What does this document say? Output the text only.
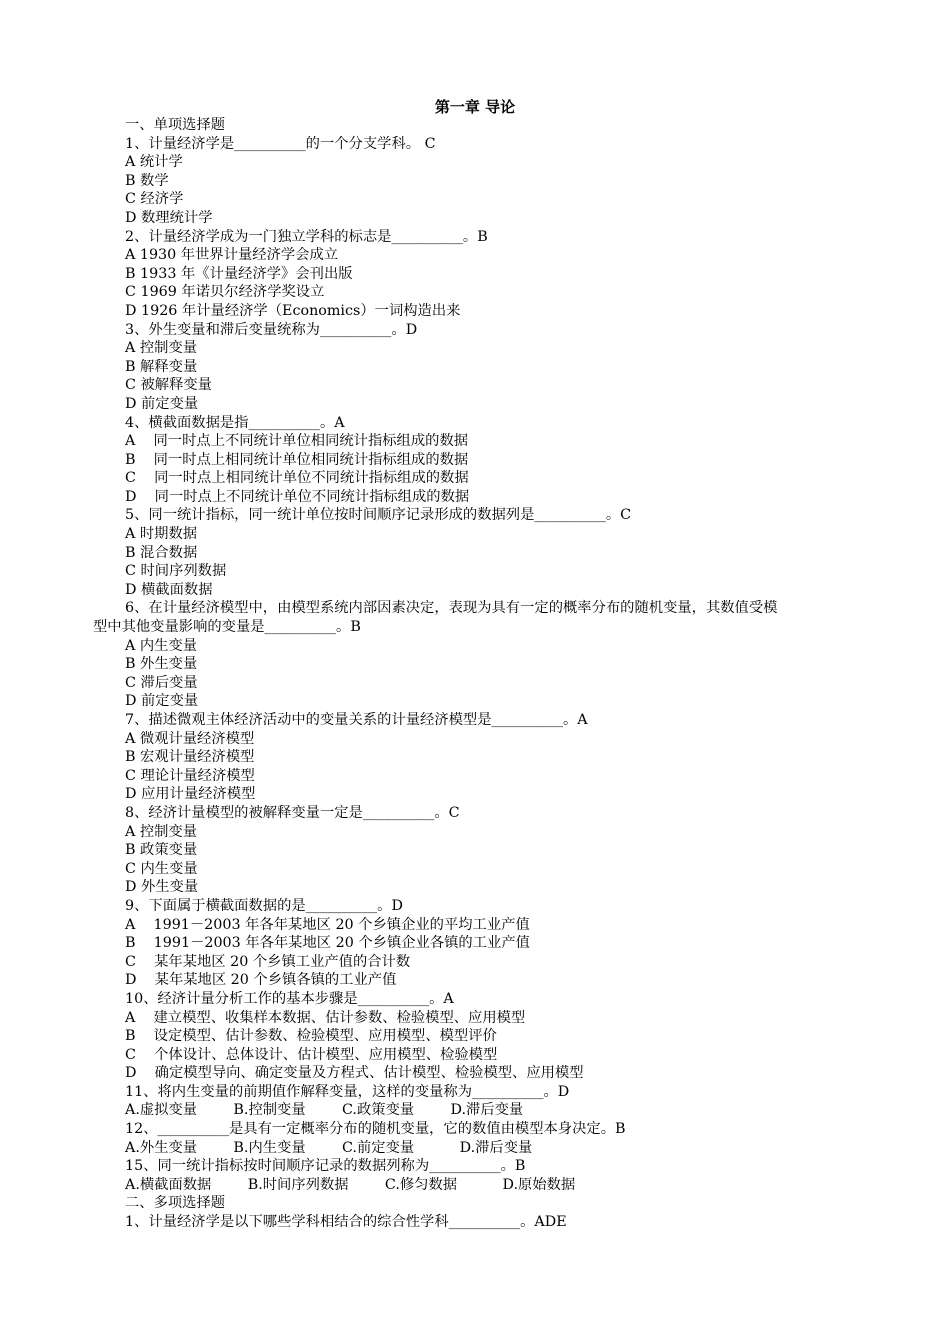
第一章 导论
一、单项选择题
1、计量经济学是__________的一个分支学科。 C
A 统计学
B 数学
C 经济学
D 数理统计学
2、计量经济学成为一门独立学科的标志是__________。B
A 1930 年世界计量经济学会成立
B 1933 年《计量经济学》会刊出版
C 1969 年诺贝尔经济学奖设立
D 1926 年计量经济学（Economics）一词构造出来
3、外生变量和滞后变量统称为__________。D
A 控制变量
B 解释变量
C 被解释变量
D 前定变量
4、横截面数据是指__________。A
A    同一时点上不同统计单位相同统计指标组成的数据
B    同一时点上相同统计单位相同统计指标组成的数据
C    同一时点上相同统计单位不同统计指标组成的数据
D    同一时点上不同统计单位不同统计指标组成的数据
5、同一统计指标，同一统计单位按时间顺序记录形成的数据列是__________。C
A 时期数据
B 混合数据
C 时间序列数据
D 横截面数据
6、在计量经济模型中，由模型系统内部因素决定，表现为具有一定的概率分布的随机变量，其数值受模
型中其他变量影响的变量是__________。B
A 内生变量
B 外生变量
C 滞后变量
D 前定变量
7、描述微观主体经济活动中的变量关系的计量经济模型是__________。A
A 微观计量经济模型
B 宏观计量经济模型
C 理论计量经济模型
D 应用计量经济模型
8、经济计量模型的被解释变量一定是__________。C
A 控制变量
B 政策变量
C 内生变量
D 外生变量
9、下面属于横截面数据的是__________。D
A    1991－2003 年各年某地区 20 个乡镇企业的平均工业产值
B    1991－2003 年各年某地区 20 个乡镇企业各镇的工业产值
C    某年某地区 20 个乡镇工业产值的合计数
D    某年某地区 20 个乡镇各镇的工业产值
10、经济计量分析工作的基本步骤是__________。A
A    建立模型、收集样本数据、估计参数、检验模型、应用模型
B    设定模型、估计参数、检验模型、应用模型、模型评价
C    个体设计、总体设计、估计模型、应用模型、检验模型
D    确定模型导向、确定变量及方程式、估计模型、检验模型、应用模型
11、将内生变量的前期值作解释变量，这样的变量称为__________。D
A.虚拟变量        B.控制变量        C.政策变量        D.滞后变量
12、__________是具有一定概率分布的随机变量，它的数值由模型本身决定。B
A.外生变量        B.内生变量        C.前定变量          D.滞后变量
15、同一统计指标按时间顺序记录的数据列称为__________。B
A.横截面数据        B.时间序列数据        C.修匀数据          D.原始数据
二、多项选择题
1、计量经济学是以下哪些学科相结合的综合性学科__________。ADE
